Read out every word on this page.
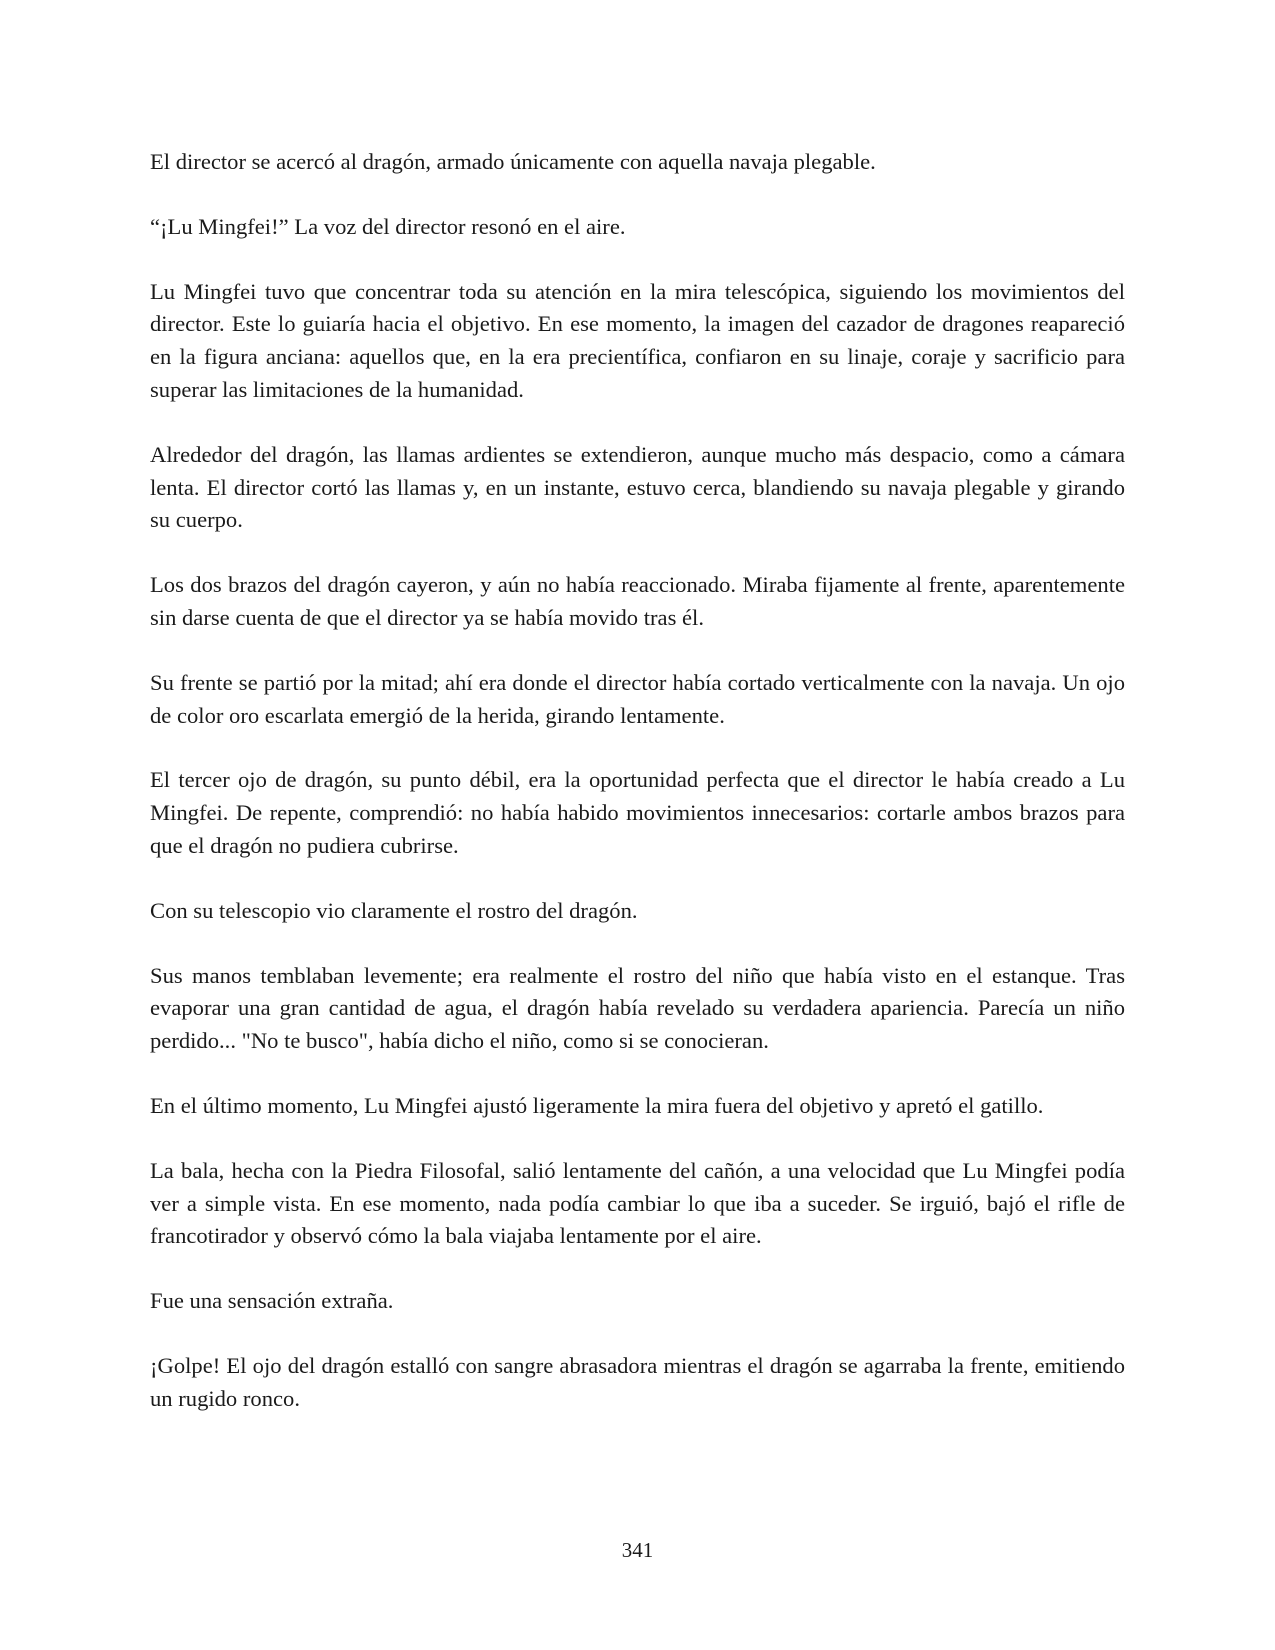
El director se acercó al dragón, armado únicamente con aquella navaja plegable.

“¡Lu Mingfei!” La voz del director resonó en el aire.

Lu Mingfei tuvo que concentrar toda su atención en la mira telescópica, siguiendo los movimientos del director. Este lo guiaría hacia el objetivo. En ese momento, la imagen del cazador de dragones reapareció en la figura anciana: aquellos que, en la era precientífica, confiaron en su linaje, coraje y sacrificio para superar las limitaciones de la humanidad.

Alrededor del dragón, las llamas ardientes se extendieron, aunque mucho más despacio, como a cámara lenta. El director cortó las llamas y, en un instante, estuvo cerca, blandiendo su navaja plegable y girando su cuerpo.

Los dos brazos del dragón cayeron, y aún no había reaccionado. Miraba fijamente al frente, aparentemente sin darse cuenta de que el director ya se había movido tras él.

Su frente se partió por la mitad; ahí era donde el director había cortado verticalmente con la navaja. Un ojo de color oro escarlata emergió de la herida, girando lentamente.

El tercer ojo de dragón, su punto débil, era la oportunidad perfecta que el director le había creado a Lu Mingfei. De repente, comprendió: no había habido movimientos innecesarios: cortarle ambos brazos para que el dragón no pudiera cubrirse.

Con su telescopio vio claramente el rostro del dragón.

Sus manos temblaban levemente; era realmente el rostro del niño que había visto en el estanque. Tras evaporar una gran cantidad de agua, el dragón había revelado su verdadera apariencia. Parecía un niño perdido... "No te busco", había dicho el niño, como si se conocieran.

En el último momento, Lu Mingfei ajustó ligeramente la mira fuera del objetivo y apretó el gatillo.

La bala, hecha con la Piedra Filosofal, salió lentamente del cañón, a una velocidad que Lu Mingfei podía ver a simple vista. En ese momento, nada podía cambiar lo que iba a suceder. Se irguió, bajó el rifle de francotirador y observó cómo la bala viajaba lentamente por el aire.

Fue una sensación extraña.

¡Golpe! El ojo del dragón estalló con sangre abrasadora mientras el dragón se agarraba la frente, emitiendo un rugido ronco.

341
